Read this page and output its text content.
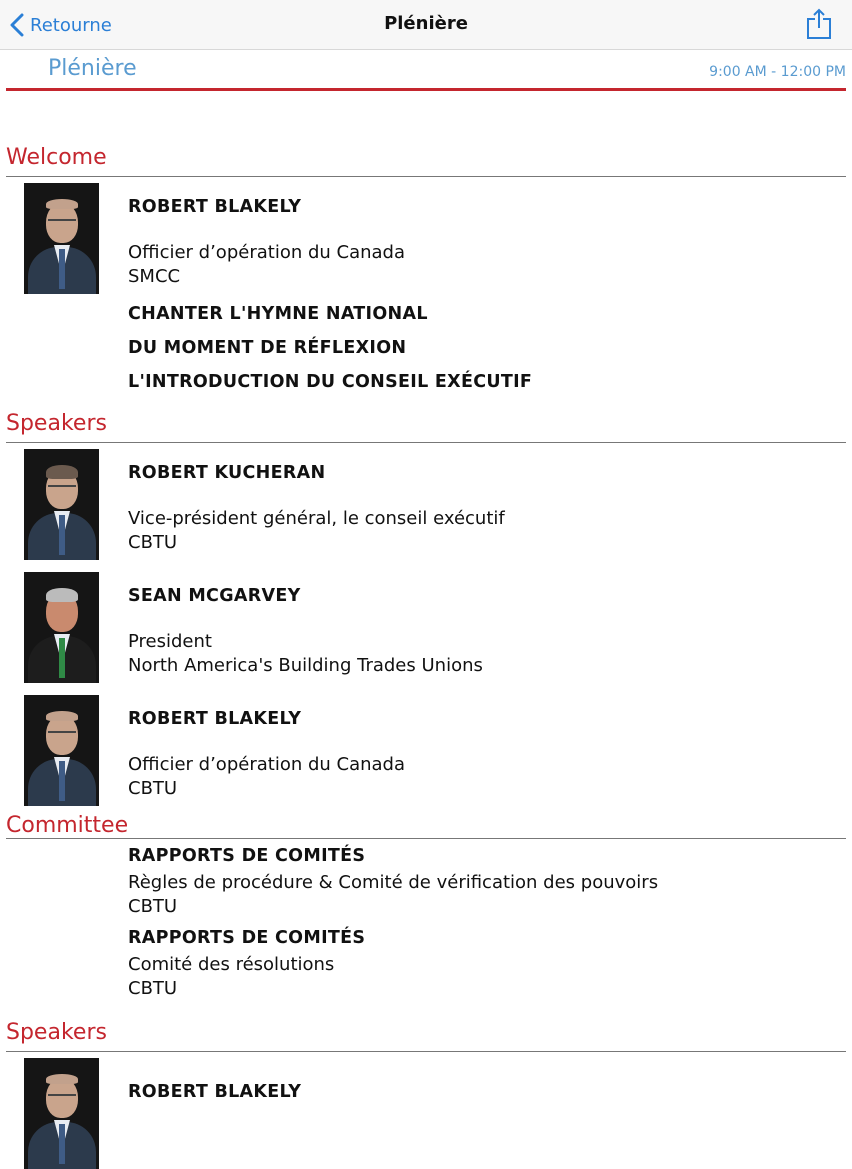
Retourne	Plénière
Plénière	9:00 AM - 12:00 PM
Welcome
ROBERT BLAKELY
Officier d’opération du Canada
SMCC
CHANTER L'HYMNE NATIONAL
DU MOMENT DE RÉFLEXION
L'INTRODUCTION DU CONSEIL EXÉCUTIF
Speakers
ROBERT KUCHERAN
Vice-président général, le conseil exécutif
CBTU
SEAN MCGARVEY
President
North America's Building Trades Unions
ROBERT BLAKELY
Officier d’opération du Canada
CBTU
Committee
RAPPORTS DE COMITÉS
Règles de procédure & Comité de vérification des pouvoirs
CBTU
RAPPORTS DE COMITÉS
Comité des résolutions
CBTU
Speakers
ROBERT BLAKELY
